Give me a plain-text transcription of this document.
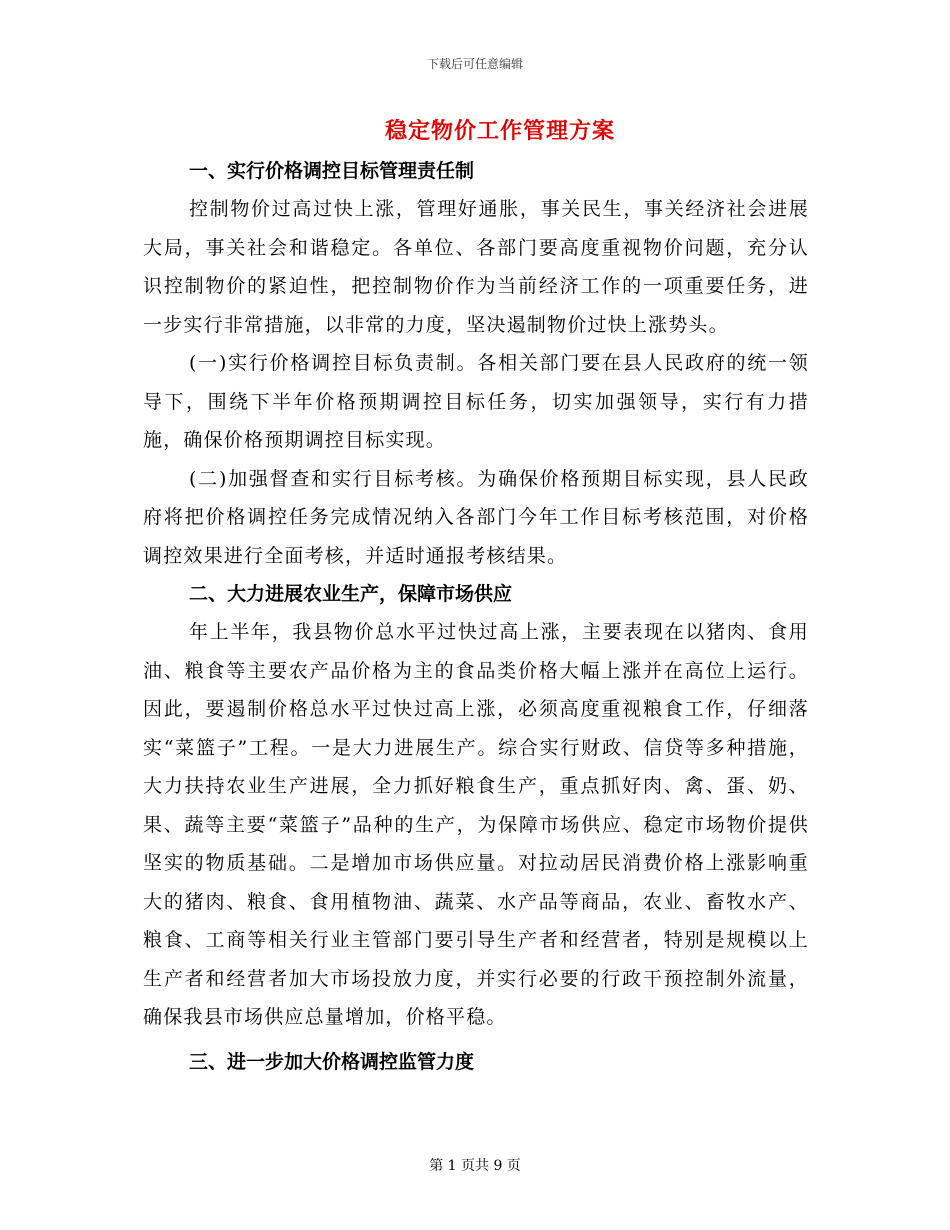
下载后可任意编辑
稳定物价工作管理方案

一、实行价格调控目标管理责任制

控制物价过高过快上涨，管理好通胀，事关民生，事关经济社会进展大局，事关社会和谐稳定。各单位、各部门要高度重视物价问题，充分认识控制物价的紧迫性，把控制物价作为当前经济工作的一项重要任务，进一步实行非常措施，以非常的力度，坚决遏制物价过快上涨势头。

(一)实行价格调控目标负责制。各相关部门要在县人民政府的统一领导下，围绕下半年价格预期调控目标任务，切实加强领导，实行有力措施，确保价格预期调控目标实现。

(二)加强督查和实行目标考核。为确保价格预期目标实现，县人民政府将把价格调控任务完成情况纳入各部门今年工作目标考核范围，对价格调控效果进行全面考核，并适时通报考核结果。

二、大力进展农业生产，保障市场供应

年上半年，我县物价总水平过快过高上涨，主要表现在以猪肉、食用油、粮食等主要农产品价格为主的食品类价格大幅上涨并在高位上运行。因此，要遏制价格总水平过快过高上涨，必须高度重视粮食工作，仔细落实“菜篮子”工程。一是大力进展生产。综合实行财政、信贷等多种措施，大力扶持农业生产进展，全力抓好粮食生产，重点抓好肉、禽、蛋、奶、果、蔬等主要“菜篮子”品种的生产，为保障市场供应、稳定市场物价提供坚实的物质基础。二是增加市场供应量。对拉动居民消费价格上涨影响重大的猪肉、粮食、食用植物油、蔬菜、水产品等商品，农业、畜牧水产、粮食、工商等相关行业主管部门要引导生产者和经营者，特别是规模以上生产者和经营者加大市场投放力度，并实行必要的行政干预控制外流量，确保我县市场供应总量增加，价格平稳。

三、进一步加大价格调控监管力度

第 1 页共 9 页
